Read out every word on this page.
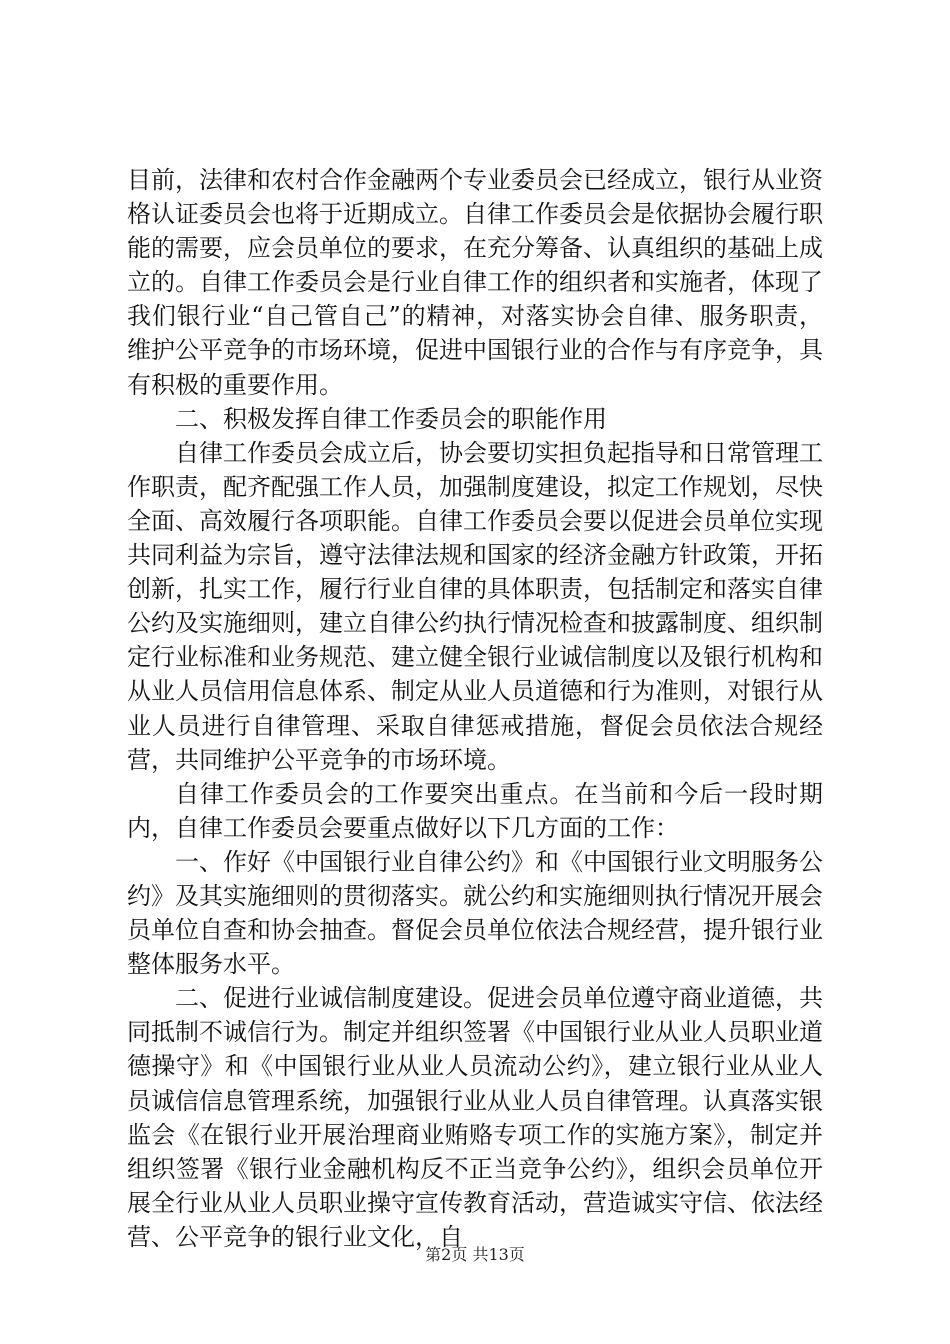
目前，法律和农村合作金融两个专业委员会已经成立，银行从业资格认证委员会也将于近期成立。自律工作委员会是依据协会履行职能的需要，应会员单位的要求，在充分筹备、认真组织的基础上成立的。自律工作委员会是行业自律工作的组织者和实施者，体现了我们银行业“自己管自己”的精神，对落实协会自律、服务职责，维护公平竞争的市场环境，促进中国银行业的合作与有序竞争，具有积极的重要作用。

二、积极发挥自律工作委员会的职能作用

自律工作委员会成立后，协会要切实担负起指导和日常管理工作职责，配齐配强工作人员，加强制度建设，拟定工作规划，尽快全面、高效履行各项职能。自律工作委员会要以促进会员单位实现共同利益为宗旨，遵守法律法规和国家的经济金融方针政策，开拓创新，扎实工作，履行行业自律的具体职责，包括制定和落实自律公约及实施细则，建立自律公约执行情况检查和披露制度、组织制定行业标准和业务规范、建立健全银行业诚信制度以及银行机构和从业人员信用信息体系、制定从业人员道德和行为准则，对银行从业人员进行自律管理、采取自律惩戒措施，督促会员依法合规经营，共同维护公平竞争的市场环境。

自律工作委员会的工作要突出重点。在当前和今后一段时期内，自律工作委员会要重点做好以下几方面的工作：

一、作好《中国银行业自律公约》和《中国银行业文明服务公约》及其实施细则的贯彻落实。就公约和实施细则执行情况开展会员单位自查和协会抽查。督促会员单位依法合规经营，提升银行业整体服务水平。

二、促进行业诚信制度建设。促进会员单位遵守商业道德，共同抵制不诚信行为。制定并组织签署《中国银行业从业人员职业道德操守》和《中国银行业从业人员流动公约》，建立银行业从业人员诚信信息管理系统，加强银行业从业人员自律管理。认真落实银监会《在银行业开展治理商业贿赂专项工作的实施方案》，制定并组织签署《银行业金融机构反不正当竞争公约》，组织会员单位开展全行业从业人员职业操守宣传教育活动，营造诚实守信、依法经营、公平竞争的银行业文化，自

第2页 共13页
